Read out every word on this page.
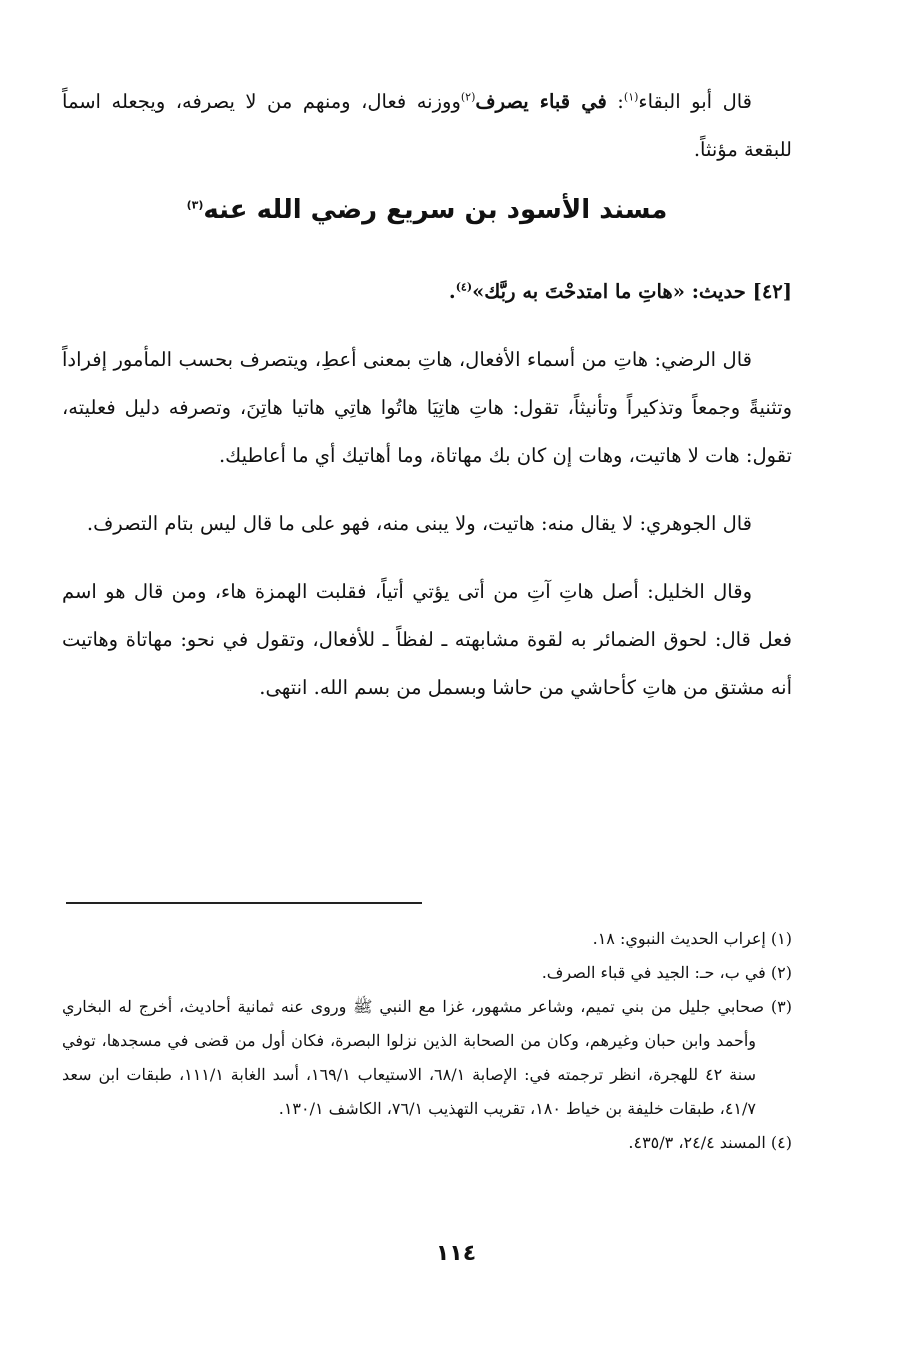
قال أبو البقاء$^{(١)}$: في قباء يصرف$^{(٢)}$ووزنه فعال، ومنهم من لا يصرفه، ويجعله اسماً للبقعة مؤنثاً.

مسند الأسود بن سريع رضي الله عنه$^{(٣)}$

[٤٢] حديث: «هاتِ ما امتدحْتَ به ربَّك»$^{(٤)}$.

قال الرضي: هاتِ من أسماء الأفعال، هاتِ بمعنى أعطِ، ويتصرف بحسب المأمور إفراداً وتثنيةً وجمعاً وتذكيراً وتأنيثاً، تقول: هاتِ هاتِيَا هاتُوا هاتِي هاتيا هاتِنَ، وتصرفه دليل فعليته، تقول: هات لا هاتيت، وهات إن كان بك مهاتاة، وما أهاتيك أي ما أعاطيك.

قال الجوهري: لا يقال منه: هاتيت، ولا يبنى منه، فهو على ما قال ليس بتام التصرف.

وقال الخليل: أصل هاتِ آتِ من أتى يؤتي أتياً، فقلبت الهمزة هاء، ومن قال هو اسم فعل قال: لحوق الضمائر به لقوة مشابهته ـ لفظاً ـ للأفعال، وتقول في نحو: مهاتاة وهاتيت أنه مشتق من هاتِ كأحاشي من حاشا وبسمل من بسم الله. انتهى.

(١) إعراب الحديث النبوي: ١٨.

(٢) في ب، حـ: الجيد في قباء الصرف.

(٣) صحابي جليل من بني تميم، وشاعر مشهور، غزا مع النبي ﷺ وروى عنه ثمانية أحاديث، أخرج له البخاري وأحمد وابن حبان وغيرهم، وكان من الصحابة الذين نزلوا البصرة، فكان أول من قضى في مسجدها، توفي سنة ٤٢ للهجرة، انظر ترجمته في: الإصابة ٦٨/١، الاستيعاب ١٦٩/١، أسد الغابة ١١١/١، طبقات ابن سعد ٤١/٧، طبقات خليفة بن خياط ١٨٠، تقريب التهذيب ٧٦/١، الكاشف ١٣٠/١.

(٤) المسند ٢٤/٤، ٤٣٥/٣.

١١٤
